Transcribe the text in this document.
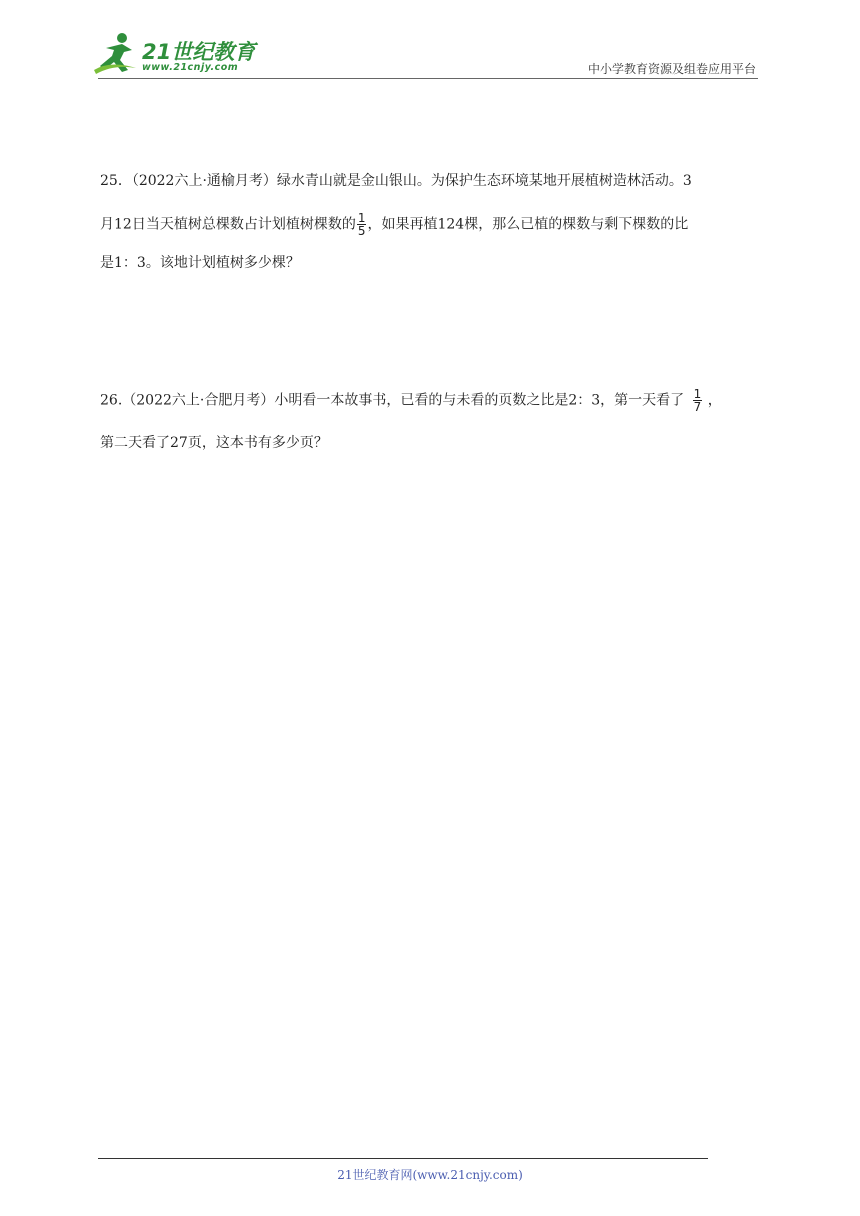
21世纪教育
www.21cnjy.com	中小学教育资源及组卷应用平台
25．（2022六上·通榆月考）绿水青山就是金山银山。为保护生态环境某地开展植树造林活动。3
月12日当天植树总棵数占计划植树棵数的 $\frac{1}{5}$ ，如果再植124棵，那么已植的棵数与剩下棵数的比
是1：3。该地计划植树多少棵？
26.（2022六上·合肥月考）小明看一本故事书，已看的与未看的页数之比是2：3，第一天看了 $\frac{1}{7}$ ，
第二天看了27页，这本书有多少页？
21世纪教育网(www.21cnjy.com)
